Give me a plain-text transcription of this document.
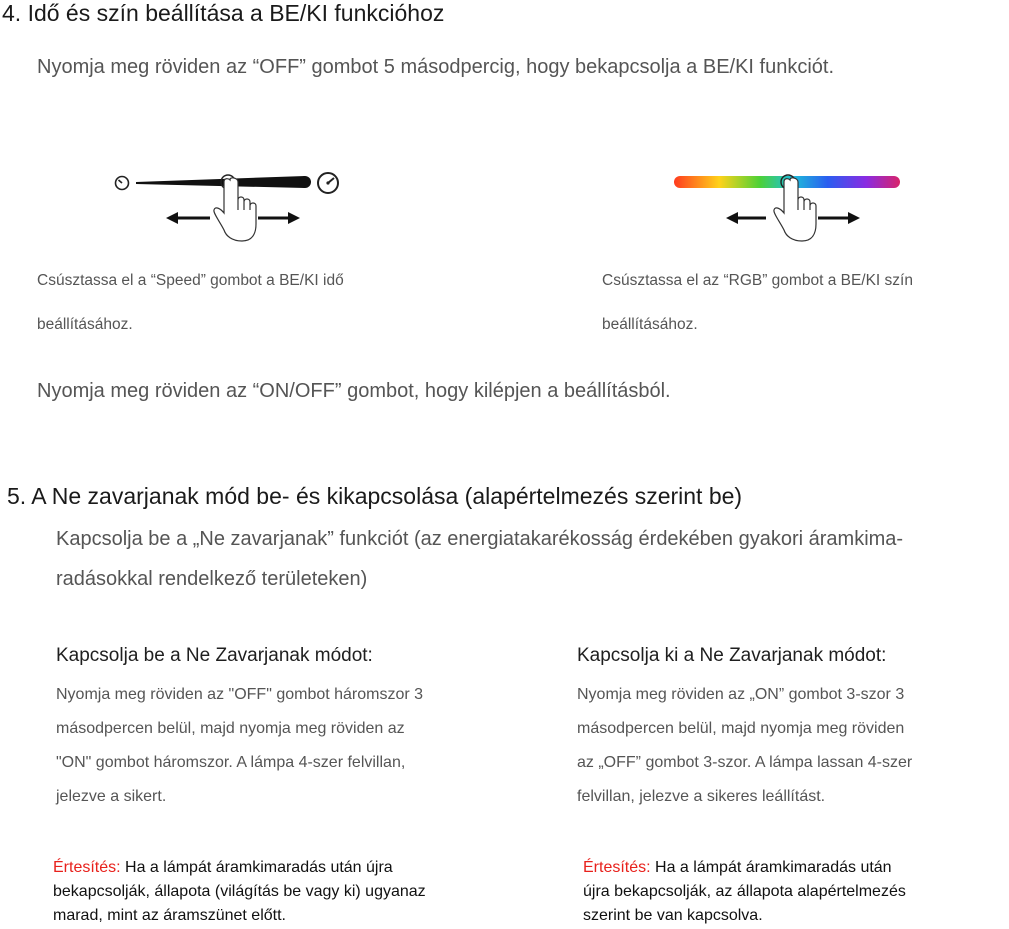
4. Idő és szín beállítása a BE/KI funkcióhoz
Nyomja meg röviden az “OFF” gombot 5 másodpercig, hogy bekapcsolja a BE/KI funkciót.
Csúsztassa el a “Speed” gombot a BE/KI idő
beállításához.
Csúsztassa el az “RGB” gombot a BE/KI szín
beállításához.
Nyomja meg röviden az “ON/OFF” gombot, hogy kilépjen a beállításból.
5. A Ne zavarjanak mód be- és kikapcsolása (alapértelmezés szerint be)
Kapcsolja be a „Ne zavarjanak” funkciót (az energiatakarékosság érdekében gyakori áramkima-
radásokkal rendelkező területeken)
Kapcsolja be a Ne Zavarjanak módot:
Nyomja meg röviden az "OFF" gombot háromszor 3
másodpercen belül, majd nyomja meg röviden az
"ON" gombot háromszor. A lámpa 4-szer felvillan,
jelezve a sikert.
Értesítés: Ha a lámpát áramkimaradás után újra
bekapcsolják, állapota (világítás be vagy ki) ugyanaz
marad, mint az áramszünet előtt.
Kapcsolja ki a Ne Zavarjanak módot:
Nyomja meg röviden az „ON” gombot 3-szor 3
másodpercen belül, majd nyomja meg röviden
az „OFF” gombot 3-szor. A lámpa lassan 4-szer
felvillan, jelezve a sikeres leállítást.
Értesítés: Ha a lámpát áramkimaradás után
újra bekapcsolják, az állapota alapértelmezés
szerint be van kapcsolva.
